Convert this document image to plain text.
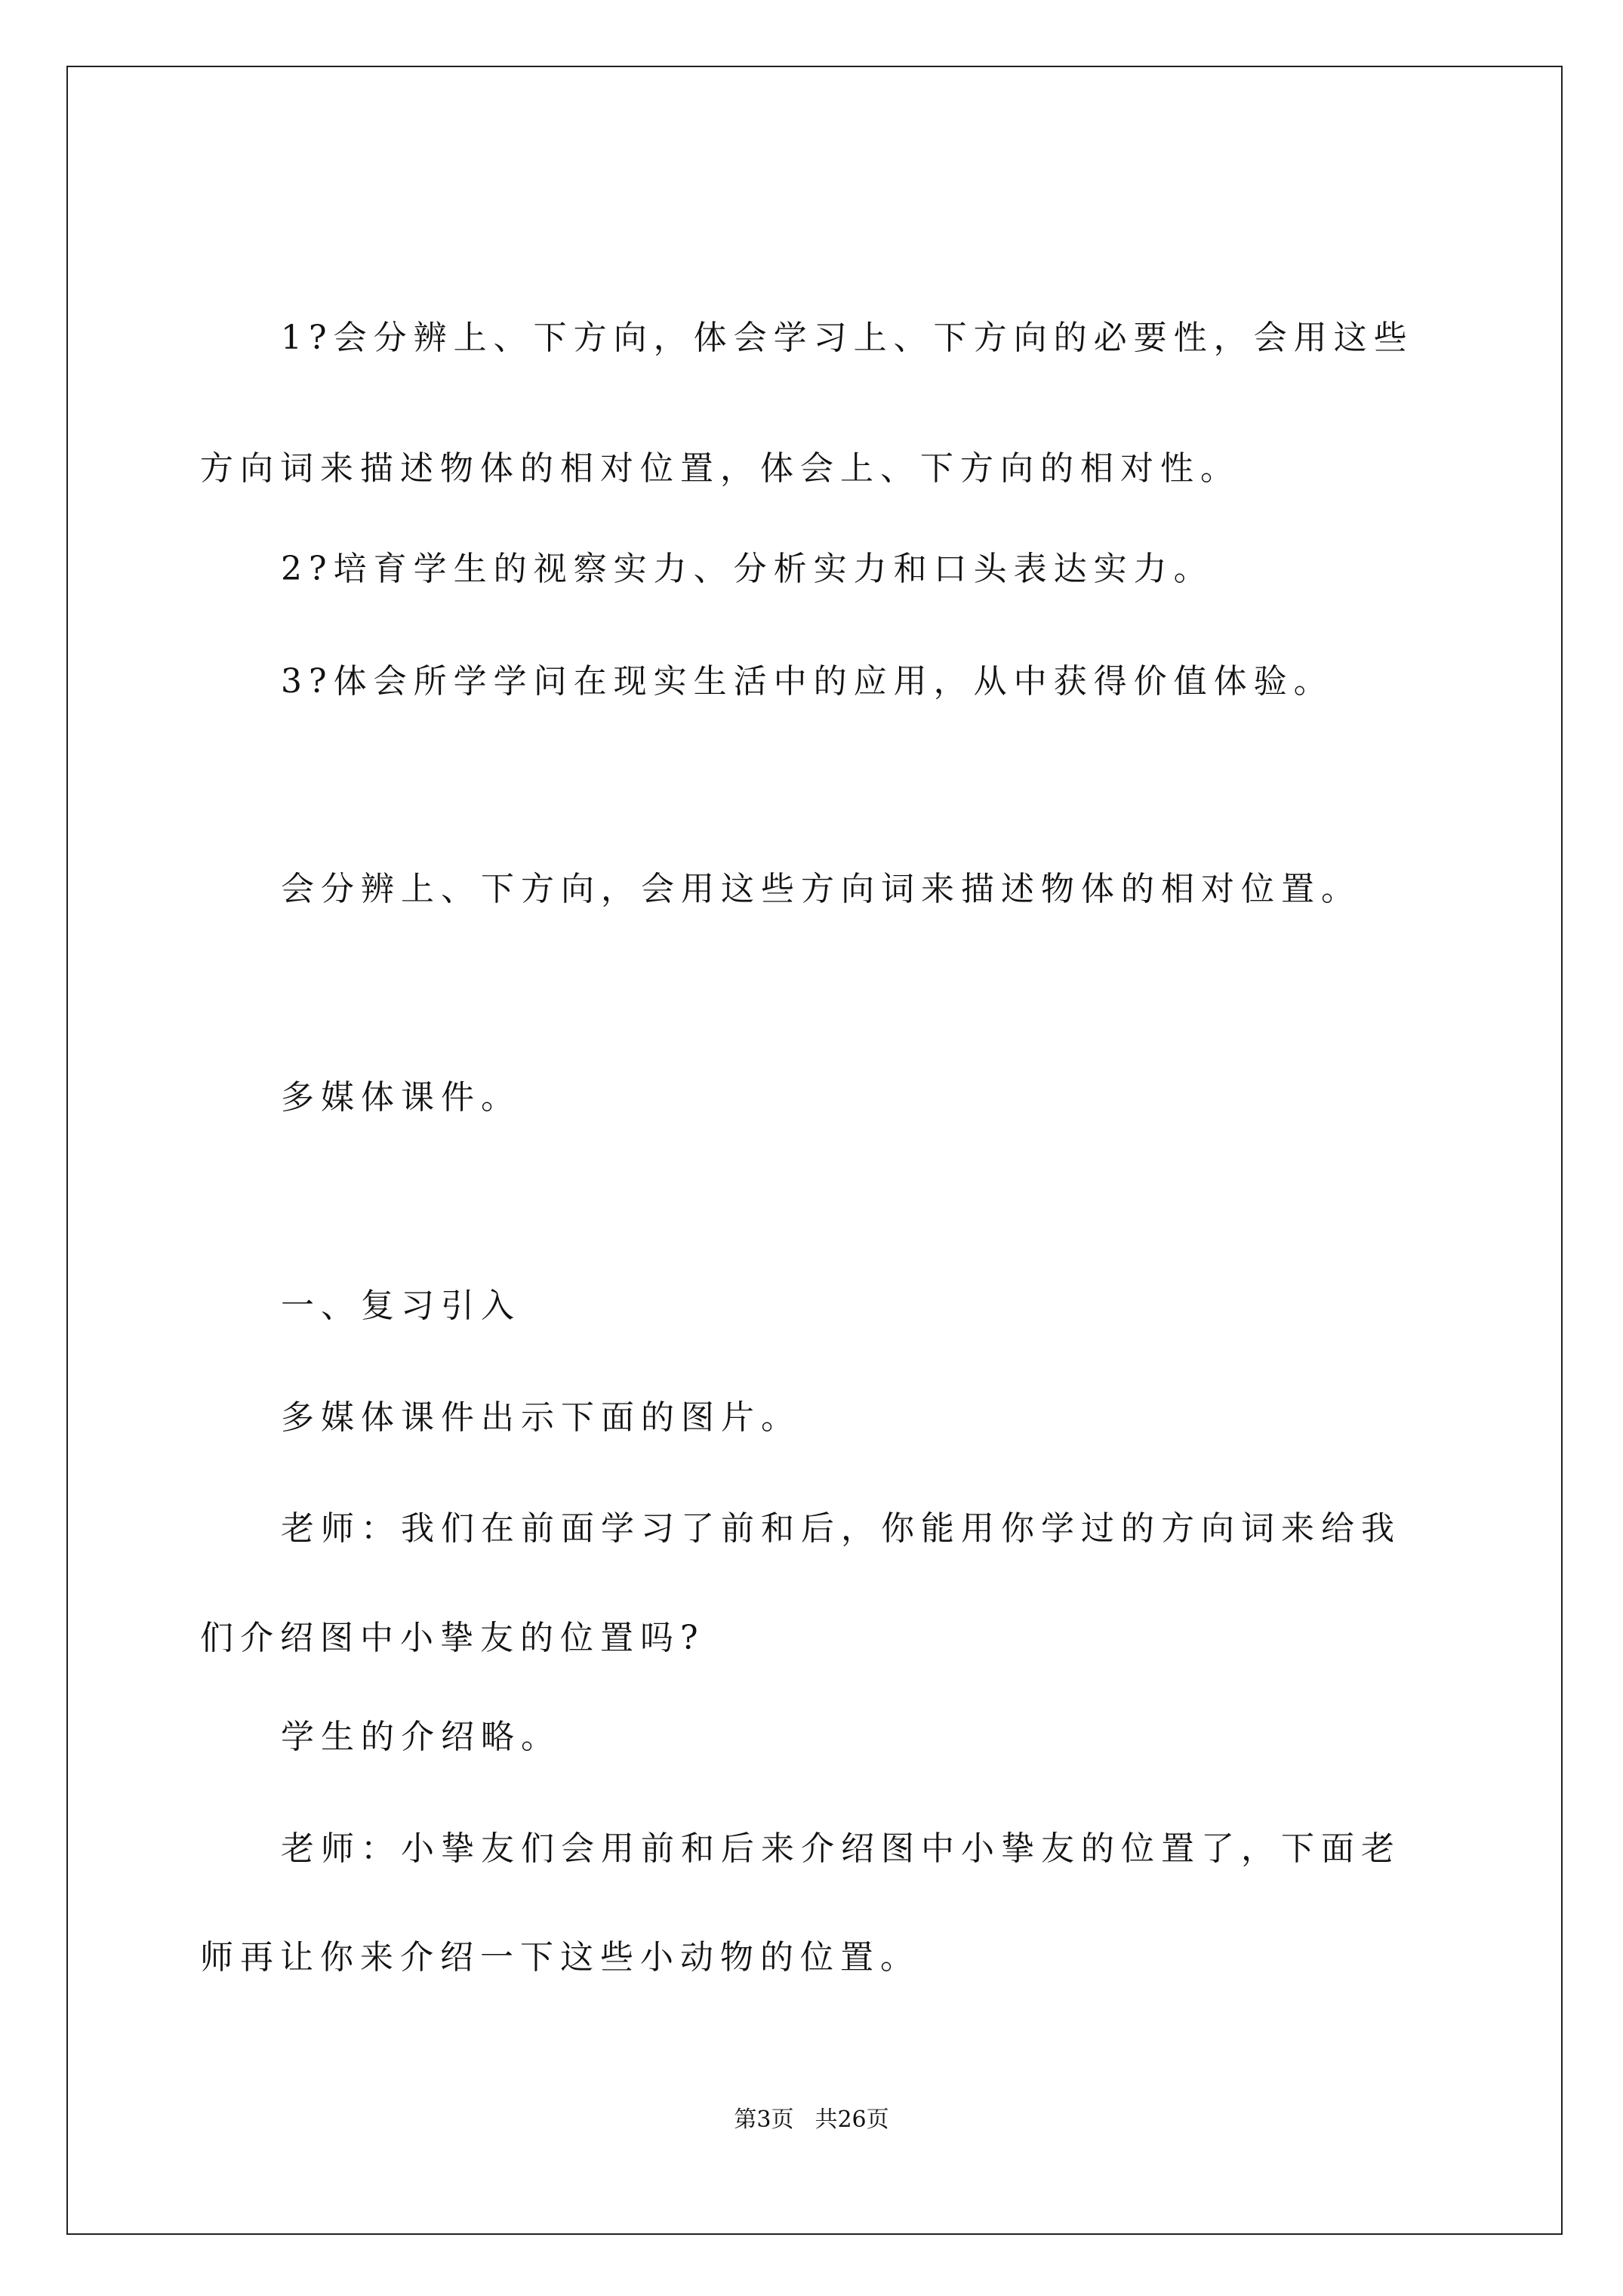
1?会分辨上、下方向，体会学习上、下方向的必要性，会用这些

方向词来描述物体的相对位置，体会上、下方向的相对性。

2?培育学生的视察实力、分析实力和口头表达实力。

3?体会所学学问在现实生活中的应用，从中获得价值体验。

会分辨上、下方向，会用这些方向词来描述物体的相对位置。

多媒体课件。

一、复习引入

多媒体课件出示下面的图片。

老师：我们在前面学习了前和后，你能用你学过的方向词来给我

们介绍图中小挚友的位置吗?

学生的介绍略。

老师：小挚友们会用前和后来介绍图中小挚友的位置了，下面老

师再让你来介绍一下这些小动物的位置。

第3页 共26页
